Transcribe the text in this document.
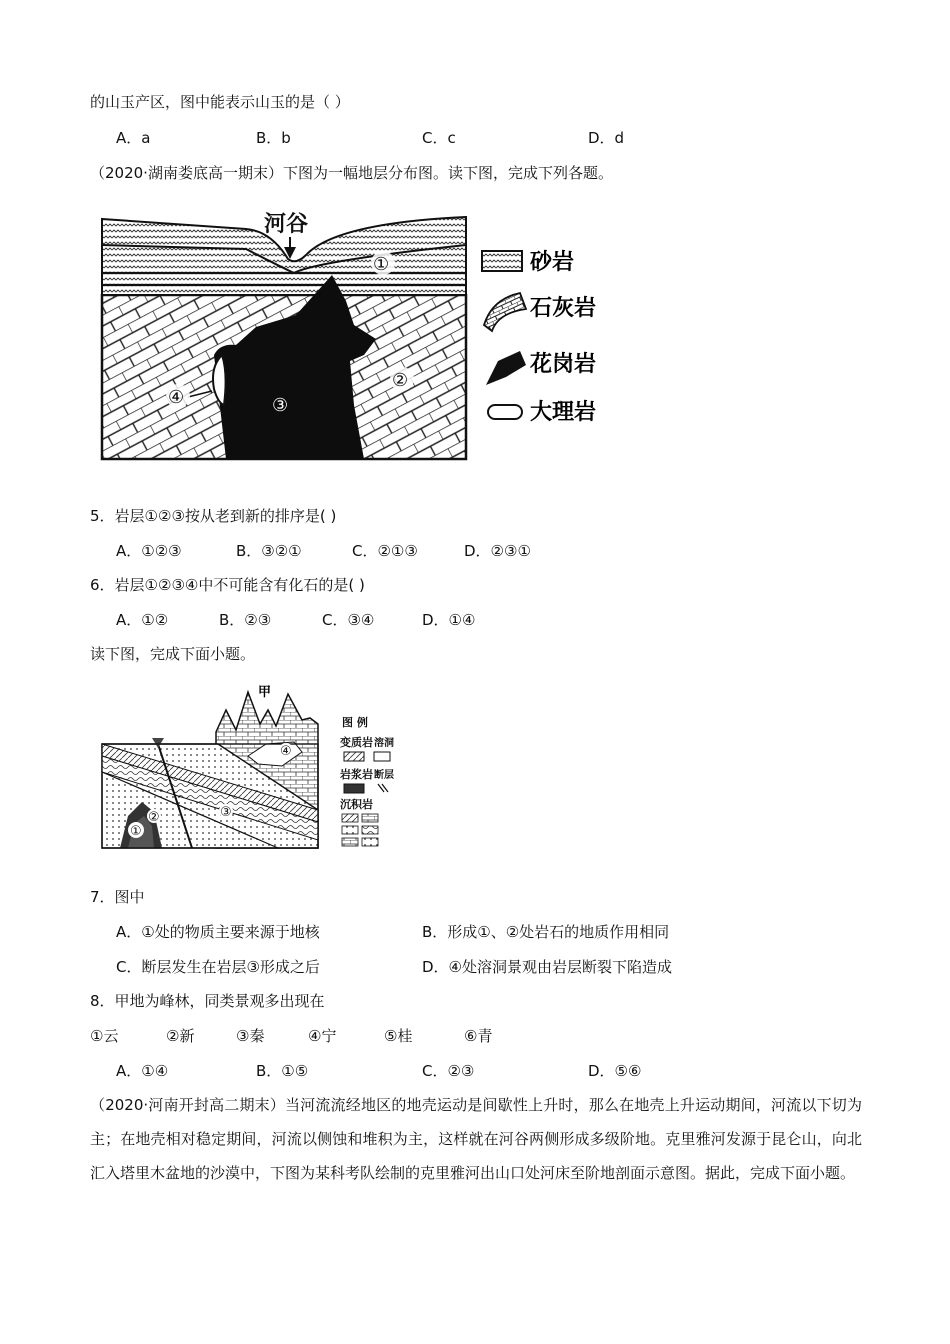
的山玉产区，图中能表示山玉的是（ ）
A．a	B．b	C．c	D．d
（2020·湖南娄底高一期末）下图为一幅地层分布图。读下图，完成下列各题。
河谷
①
②
③
④
砂岩
石灰岩
花岗岩
大理岩
5．岩层①②③按从老到新的排序是( )
A．①②③	B．③②①	C．②①③	D．②③①
6．岩层①②③④中不可能含有化石的是( )
A．①②	B．②③	C．③④	D．①④
读下图，完成下面小题。
甲
①
②	③
④
图 例
变质岩 溶洞
岩浆岩 断层
沉积岩
7．图中
A．①处的物质主要来源于地核	B．形成①、②处岩石的地质作用相同
C．断层发生在岩层③形成之后	D．④处溶洞景观由岩层断裂下陷造成
8．甲地为峰林，同类景观多出现在
①云	②新	③秦	④宁	⑤桂	⑥青
A．①④	B．①⑤	C．②③	D．⑤⑥
（2020·河南开封高二期末）当河流流经地区的地壳运动是间歇性上升时，那么在地壳上升运动期间，河流以下切为主；在地壳相对稳定期间，河流以侧蚀和堆积为主，这样就在河谷两侧形成多级阶地。克里雅河发源于昆仑山，向北汇入塔里木盆地的沙漠中，下图为某科考队绘制的克里雅河出山口处河床至阶地剖面示意图。据此，完成下面小题。
